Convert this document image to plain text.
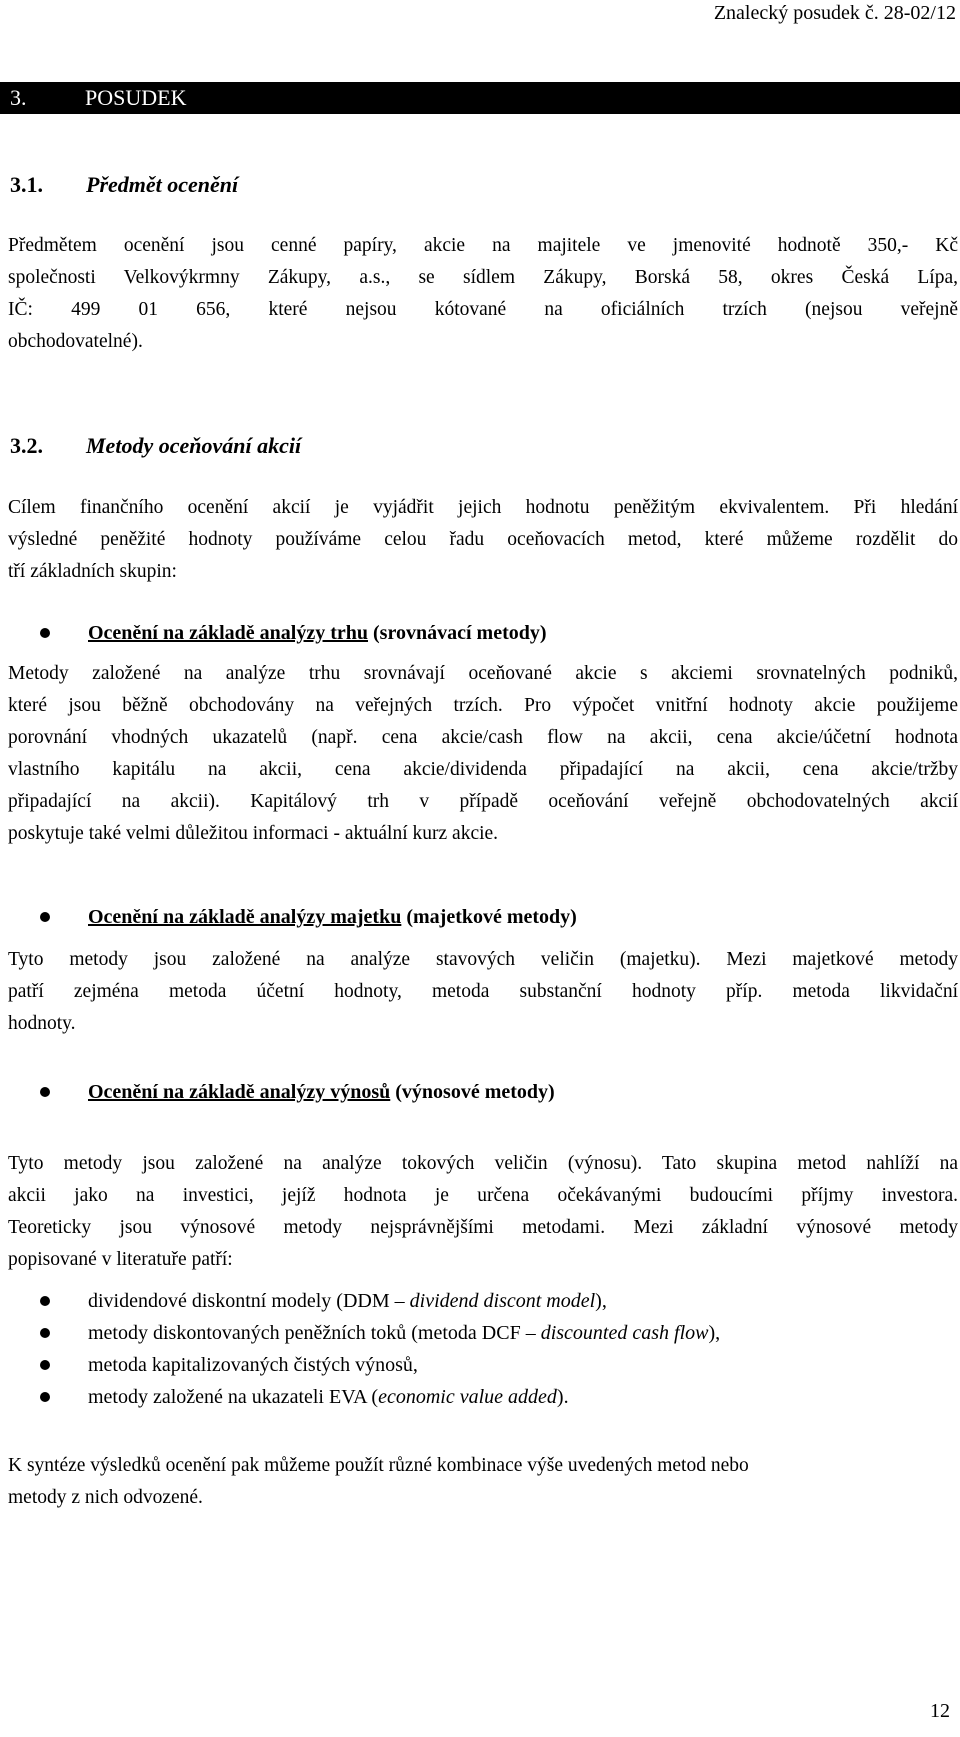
Znalecký posudek č. 28-02/12
3.	POSUDEK
3.1.	Předmět ocenění
Předmětem ocenění jsou cenné papíry, akcie na majitele ve jmenovité hodnotě 350,- Kč
společnosti Velkovýkrmny Zákupy, a.s., se sídlem Zákupy, Borská 58, okres Česká Lípa,
IČ: 499 01 656, které nejsou kótované na oficiálních trzích (nejsou veřejně
obchodovatelné).
3.2.	Metody oceňování akcií
Cílem finančního ocenění akcií je vyjádřit jejich hodnotu peněžitým ekvivalentem. Při hledání
výsledné peněžité hodnoty používáme celou řadu oceňovacích metod, které můžeme rozdělit do
tří základních skupin:
Ocenění na základě analýzy trhu (srovnávací metody)
Metody založené na analýze trhu srovnávají oceňované akcie s akciemi srovnatelných podniků,
které jsou běžně obchodovány na veřejných trzích. Pro výpočet vnitřní hodnoty akcie použijeme
porovnání vhodných ukazatelů (např. cena akcie/cash flow na akcii, cena akcie/účetní hodnota
vlastního kapitálu na akcii, cena akcie/dividenda připadající na akcii, cena akcie/tržby
připadající na akcii). Kapitálový trh v případě oceňování veřejně obchodovatelných akcií
poskytuje také velmi důležitou informaci - aktuální kurz akcie.
Ocenění na základě analýzy majetku (majetkové metody)
Tyto metody jsou založené na analýze stavových veličin (majetku). Mezi majetkové metody
patří zejména metoda účetní hodnoty, metoda substanční hodnoty příp. metoda likvidační
hodnoty.
Ocenění na základě analýzy výnosů (výnosové metody)
Tyto metody jsou založené na analýze tokových veličin (výnosu). Tato skupina metod nahlíží na
akcii jako na investici, jejíž hodnota je určena očekávanými budoucími příjmy investora.
Teoreticky jsou výnosové metody nejsprávnějšími metodami. Mezi základní výnosové metody
popisované v literatuře patří:
dividendové diskontní modely (DDM – dividend discont model),
metody diskontovaných peněžních toků (metoda DCF – discounted cash flow),
metoda kapitalizovaných čistých výnosů,
metody založené na ukazateli EVA (economic value added).
K syntéze výsledků ocenění pak můžeme použít různé kombinace výše uvedených metod nebo
metody z nich odvozené.
12
